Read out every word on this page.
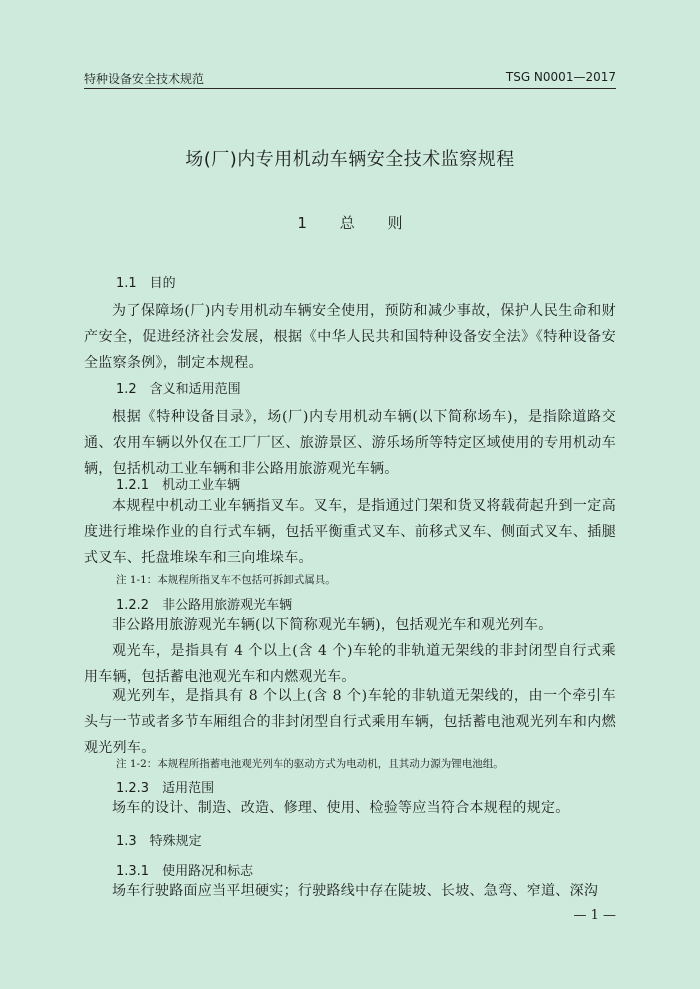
特种设备安全技术规范	TSG N0001—2017
场(厂)内专用机动车辆安全技术监察规程
1 总 则
1.1　目的
为了保障场(厂)内专用机动车辆安全使用，预防和减少事故，保护人民生命和财产安全，促进经济社会发展，根据《中华人民共和国特种设备安全法》《特种设备安全监察条例》，制定本规程。
1.2　含义和适用范围
根据《特种设备目录》，场(厂)内专用机动车辆(以下简称场车)，是指除道路交通、农用车辆以外仅在工厂厂区、旅游景区、游乐场所等特定区域使用的专用机动车辆，包括机动工业车辆和非公路用旅游观光车辆。
1.2.1　机动工业车辆
本规程中机动工业车辆指叉车。叉车，是指通过门架和货叉将载荷起升到一定高度进行堆垛作业的自行式车辆，包括平衡重式叉车、前移式叉车、侧面式叉车、插腿式叉车、托盘堆垛车和三向堆垛车。
注 1-1：本规程所指叉车不包括可拆卸式属具。
1.2.2　非公路用旅游观光车辆
非公路用旅游观光车辆(以下简称观光车辆)，包括观光车和观光列车。
观光车，是指具有 4 个以上(含 4 个)车轮的非轨道无架线的非封闭型自行式乘用车辆，包括蓄电池观光车和内燃观光车。
观光列车，是指具有 8 个以上(含 8 个)车轮的非轨道无架线的，由一个牵引车头与一节或者多节车厢组合的非封闭型自行式乘用车辆，包括蓄电池观光列车和内燃观光列车。
注 1-2：本规程所指蓄电池观光列车的驱动方式为电动机，且其动力源为锂电池组。
1.2.3　适用范围
场车的设计、制造、改造、修理、使用、检验等应当符合本规程的规定。
1.3　特殊规定
1.3.1　使用路况和标志
场车行驶路面应当平坦硬实；行驶路线中存在陡坡、长坡、急弯、窄道、深沟
— 1 —
